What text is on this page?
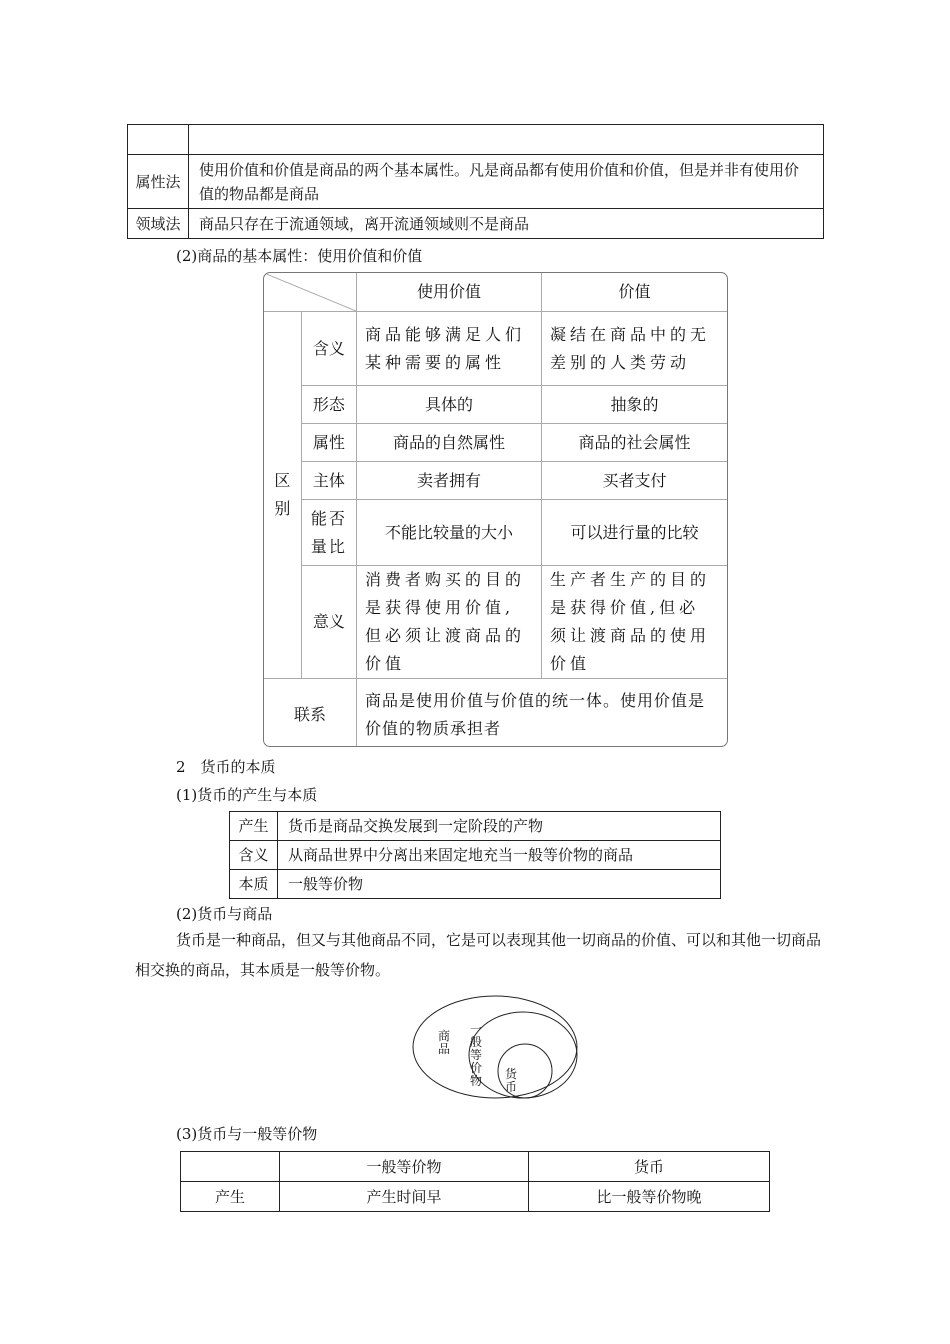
属性法	使用价值和价值是商品的两个基本属性。凡是商品都有使用价值和价值，但是并非有使用价值的物品都是商品
领域法	商品只存在于流通领域，离开流通领域则不是商品
(2)商品的基本属性：使用价值和价值
	使用价值	价值

区别	含义	商品能够满足人们某种需要的属性	凝结在商品中的无差别的人类劳动
	形态	具体的	抽象的
	属性	商品的自然属性	商品的社会属性
	主体	卖者拥有	买者支付

	能否量比	不能比较量的大小	可以进行量的比较
	意义	消费者购买的目的是获得使用价值,但必须让渡商品的价值	生产者生产的目的是获得价值,但必须让渡商品的使用价值
联系		商品是使用价值与价值的统一体。使用价值是价值的物质承担者	
2　货币的本质
(1)货币的产生与本质
产生	货币是商品交换发展到一定阶段的产物
含义	从商品世界中分离出来固定地充当一般等价物的商品
本质	一般等价物
(2)货币与商品
货币是一种商品，但又与其他商品不同，它是可以表现其他一切商品的价值、可以和其他一切商品相交换的商品，其本质是一般等价物。
商品
一般等价物 货币
(3)货币与一般等价物
	一般等价物	货币
产生	产生时间早	比一般等价物晚
